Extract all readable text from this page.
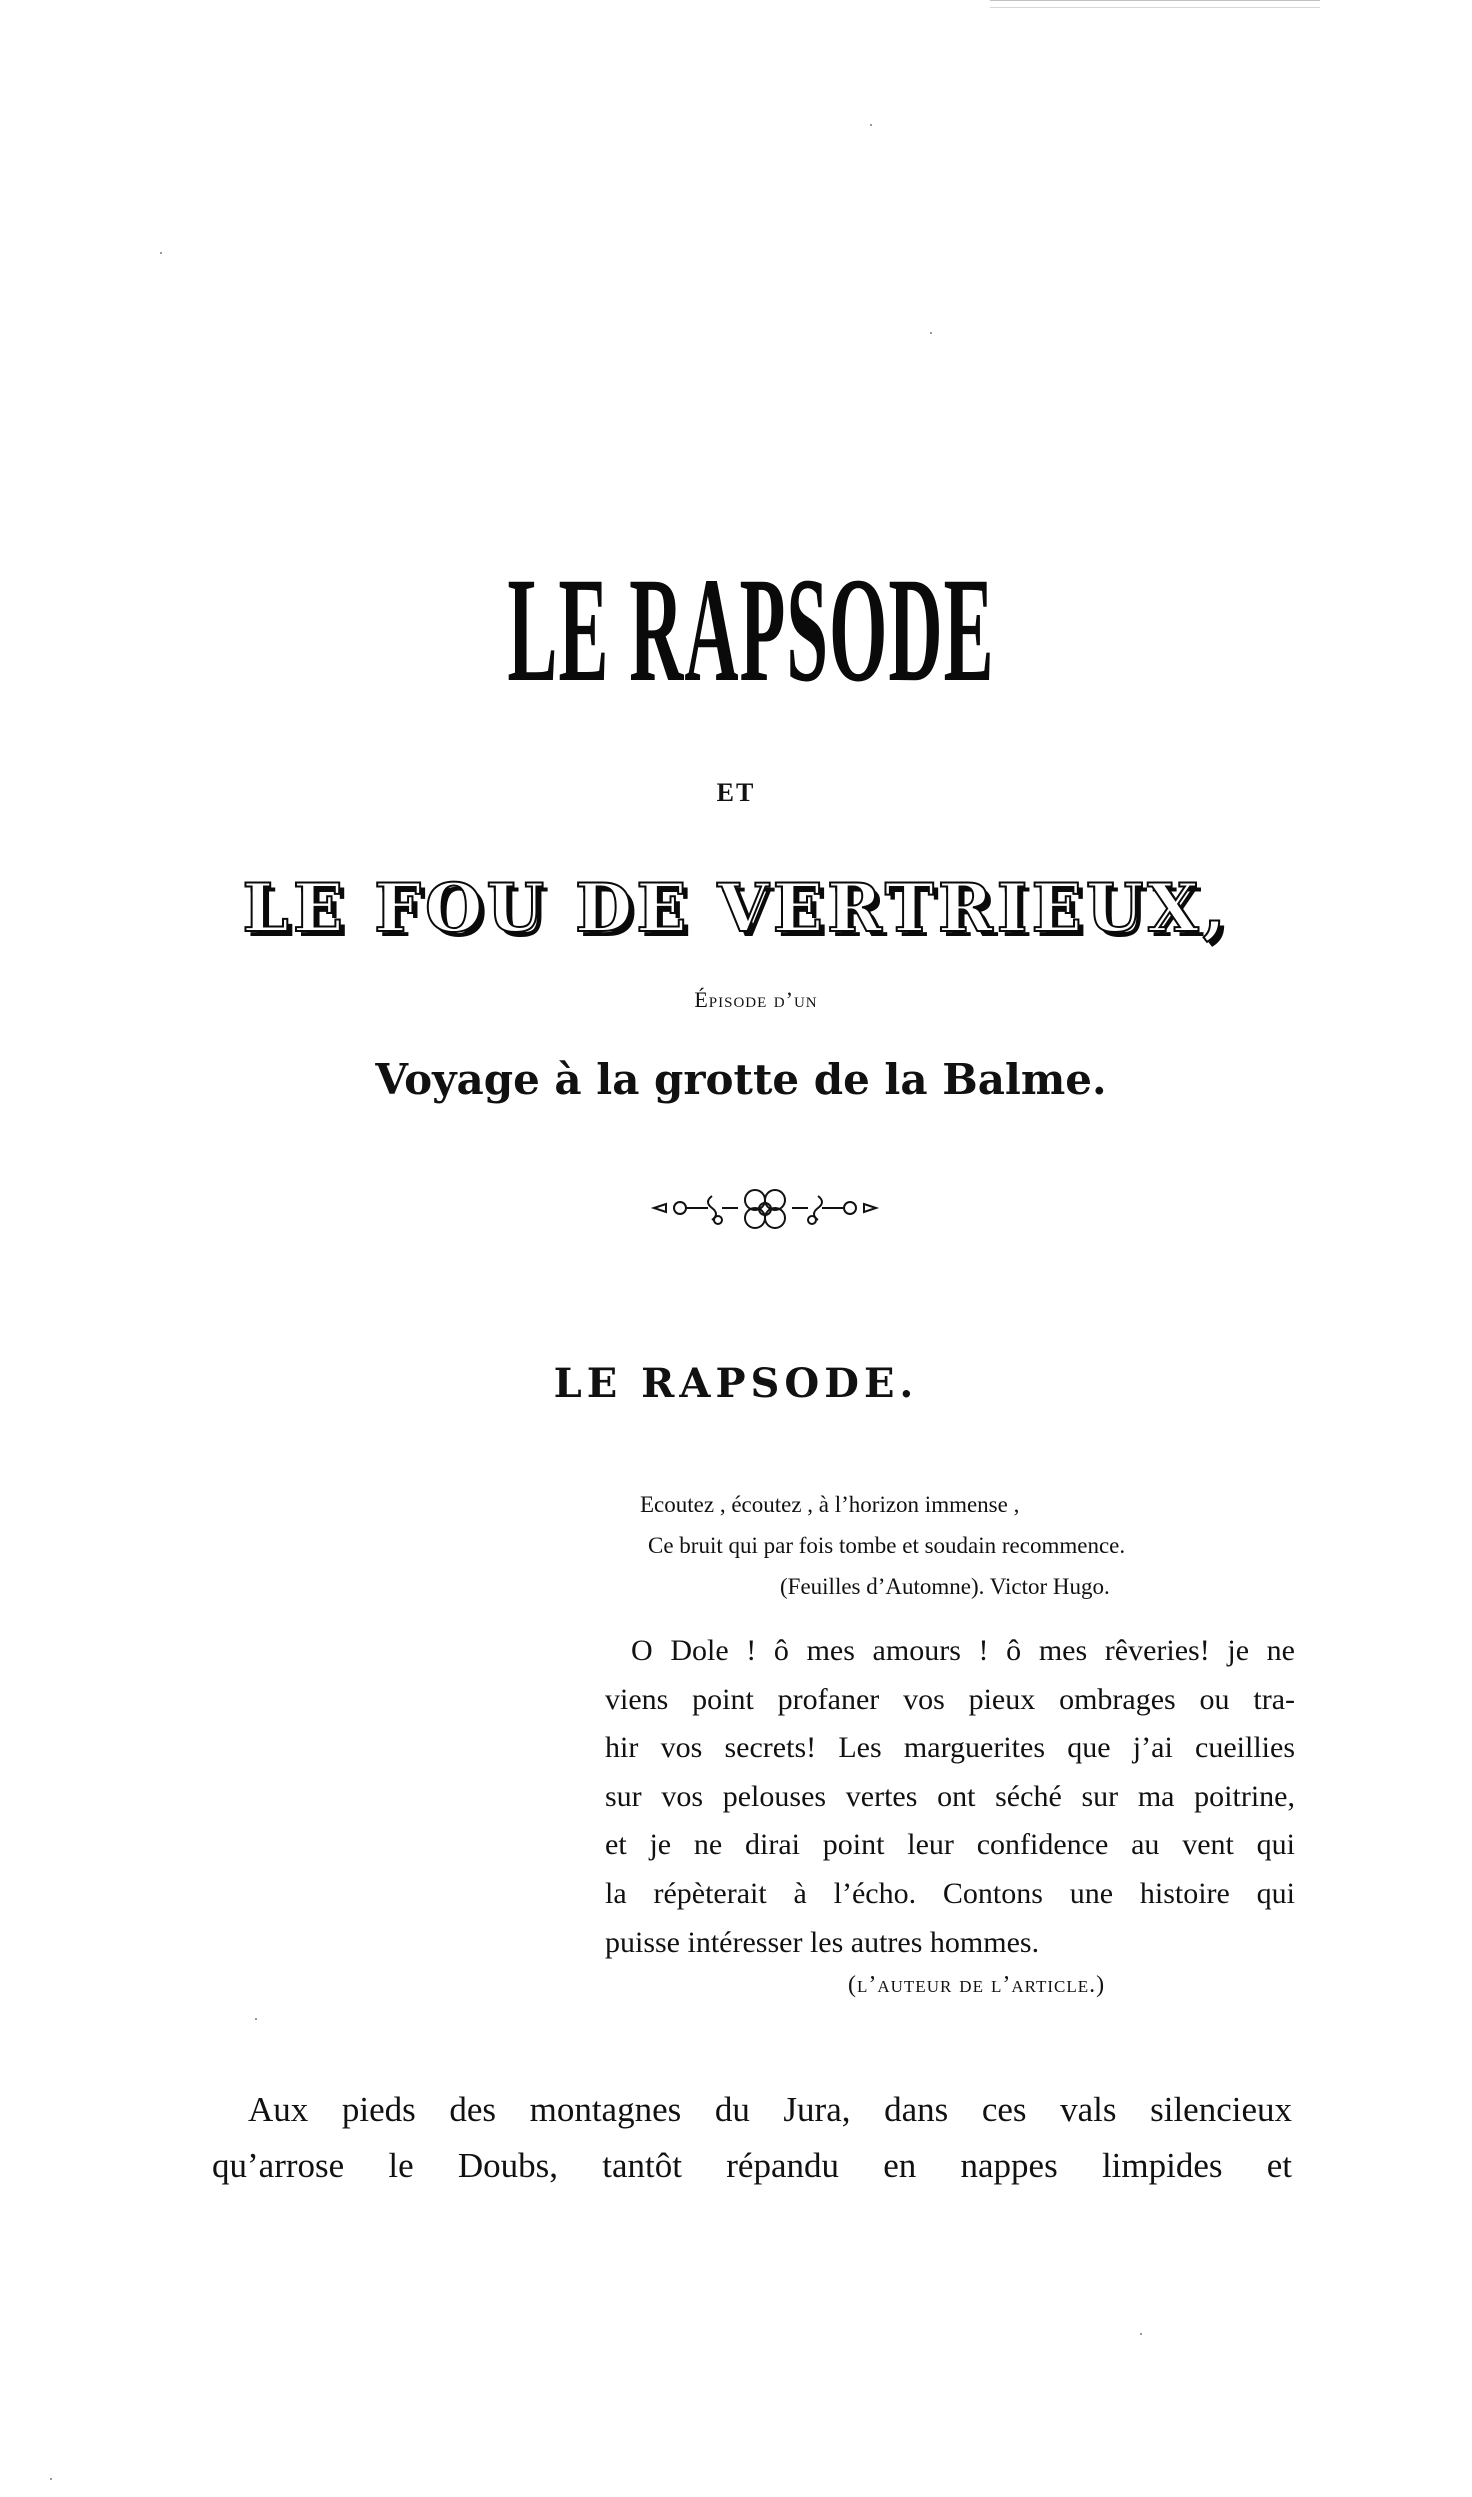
LE RAPSODE
ET
LE FOU DE VERTRIEUX,
Épisode d’un
Voyage à la grotte de la Balme.
LE RAPSODE.
Ecoutez , écoutez , à l’horizon immense ,
Ce bruit qui par fois tombe et soudain recommence.
(Feuilles d’Automne). Victor Hugo.
O Dole ! ô mes amours ! ô mes rêveries! je ne
viens point profaner vos pieux ombrages ou tra-
hir vos secrets! Les marguerites que j’ai cueillies
sur vos pelouses vertes ont séché sur ma poitrine,
et je ne dirai point leur confidence au vent qui
la répèterait à l’écho. Contons une histoire qui
puisse intéresser les autres hommes.
(l’auteur de l’article.)
Aux pieds des montagnes du Jura, dans ces vals silencieux
qu’arrose le Doubs, tantôt répandu en nappes limpides et
